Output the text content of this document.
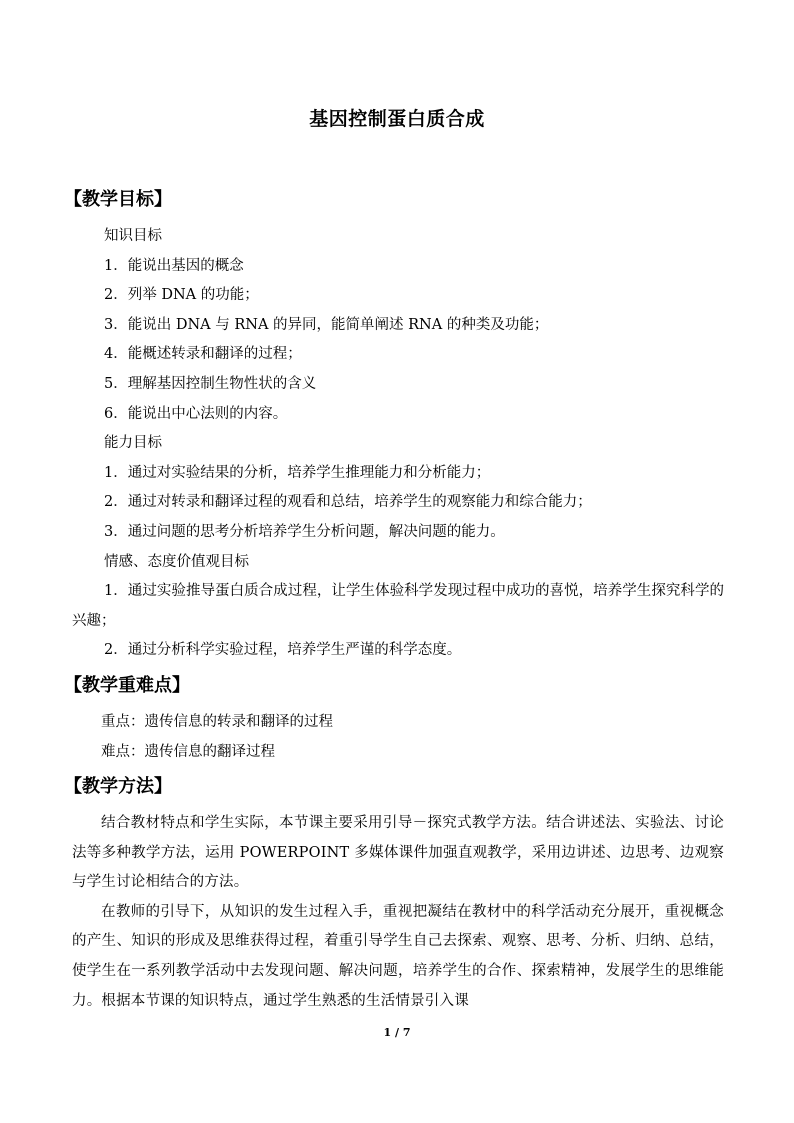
基因控制蛋白质合成
【教学目标】

知识目标

1．能说出基因的概念

2．列举 DNA 的功能；

3．能说出 DNA 与 RNA 的异同，能简单阐述 RNA 的种类及功能；

4．能概述转录和翻译的过程；

5．理解基因控制生物性状的含义

6．能说出中心法则的内容。

能力目标

1．通过对实验结果的分析，培养学生推理能力和分析能力；

2．通过对转录和翻译过程的观看和总结，培养学生的观察能力和综合能力；

3．通过问题的思考分析培养学生分析问题，解决问题的能力。

情感、态度价值观目标

1．通过实验推导蛋白质合成过程，让学生体验科学发现过程中成功的喜悦，培养学生探究科学的兴趣；

2．通过分析科学实验过程，培养学生严谨的科学态度。

【教学重难点】

重点：遗传信息的转录和翻译的过程

难点：遗传信息的翻译过程

【教学方法】

结合教材特点和学生实际，本节课主要采用引导－探究式教学方法。结合讲述法、实验法、讨论法等多种教学方法，运用 POWERPOINT 多媒体课件加强直观教学，采用边讲述、边思考、边观察与学生讨论相结合的方法。

在教师的引导下，从知识的发生过程入手，重视把凝结在教材中的科学活动充分展开，重视概念的产生、知识的形成及思维获得过程，着重引导学生自己去探索、观察、思考、分析、归纳、总结，使学生在一系列教学活动中去发现问题、解决问题，培养学生的合作、探索精神，发展学生的思维能力。根据本节课的知识特点，通过学生熟悉的生活情景引入课

1 / 7
